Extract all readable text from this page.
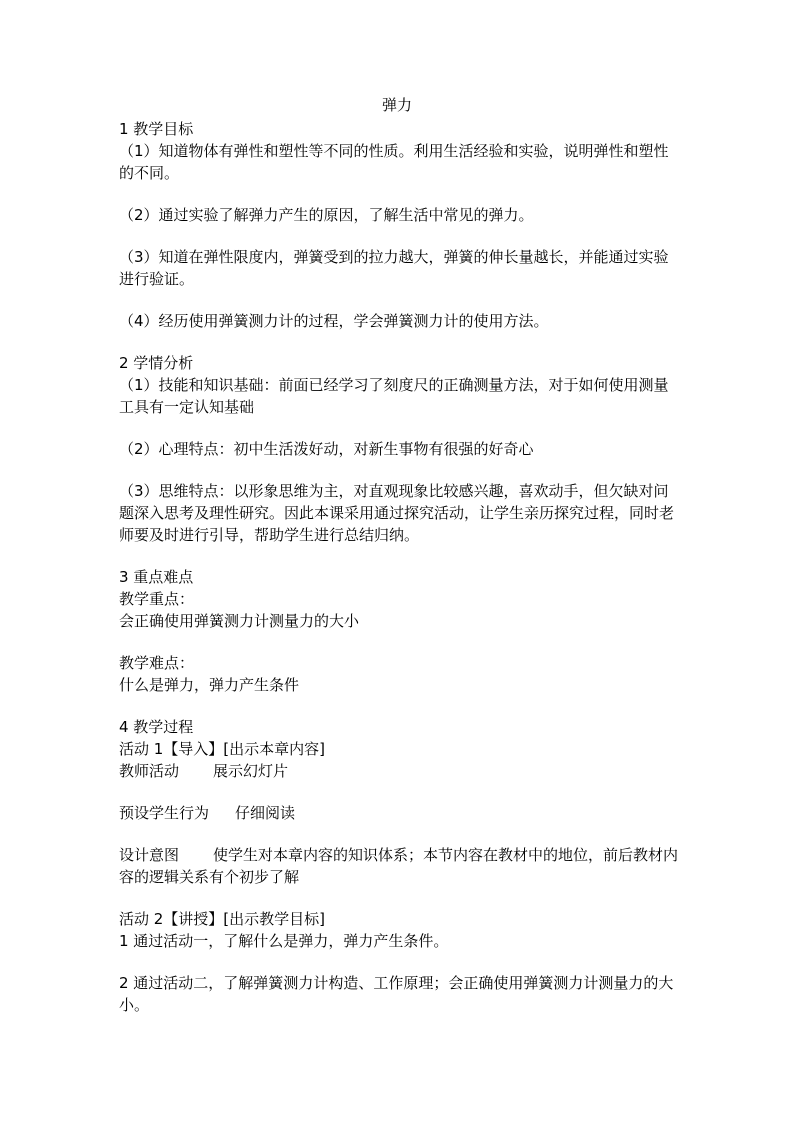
弹力

1 教学目标

（1）知道物体有弹性和塑性等不同的性质。利用生活经验和实验，说明弹性和塑性的不同。

（2）通过实验了解弹力产生的原因，了解生活中常见的弹力。

（3）知道在弹性限度内，弹簧受到的拉力越大，弹簧的伸长量越长，并能通过实验进行验证。

（4）经历使用弹簧测力计的过程，学会弹簧测力计的使用方法。

2 学情分析

（1）技能和知识基础：前面已经学习了刻度尺的正确测量方法，对于如何使用测量工具有一定认知基础

（2）心理特点：初中生活泼好动，对新生事物有很强的好奇心

（3）思维特点：以形象思维为主，对直观现象比较感兴趣，喜欢动手，但欠缺对问题深入思考及理性研究。因此本课采用通过探究活动，让学生亲历探究过程，同时老师要及时进行引导，帮助学生进行总结归纳。

3 重点难点

教学重点：

会正确使用弹簧测力计测量力的大小

教学难点：

什么是弹力，弹力产生条件

4 教学过程

活动 1【导入】[出示本章内容]

教师活动 展示幻灯片

预设学生行为 仔细阅读

设计意图 使学生对本章内容的知识体系；本节内容在教材中的地位，前后教材内容的逻辑关系有个初步了解

活动 2【讲授】[出示教学目标]

1 通过活动一，了解什么是弹力，弹力产生条件。

2 通过活动二，了解弹簧测力计构造、工作原理；会正确使用弹簧测力计测量力的大小。
